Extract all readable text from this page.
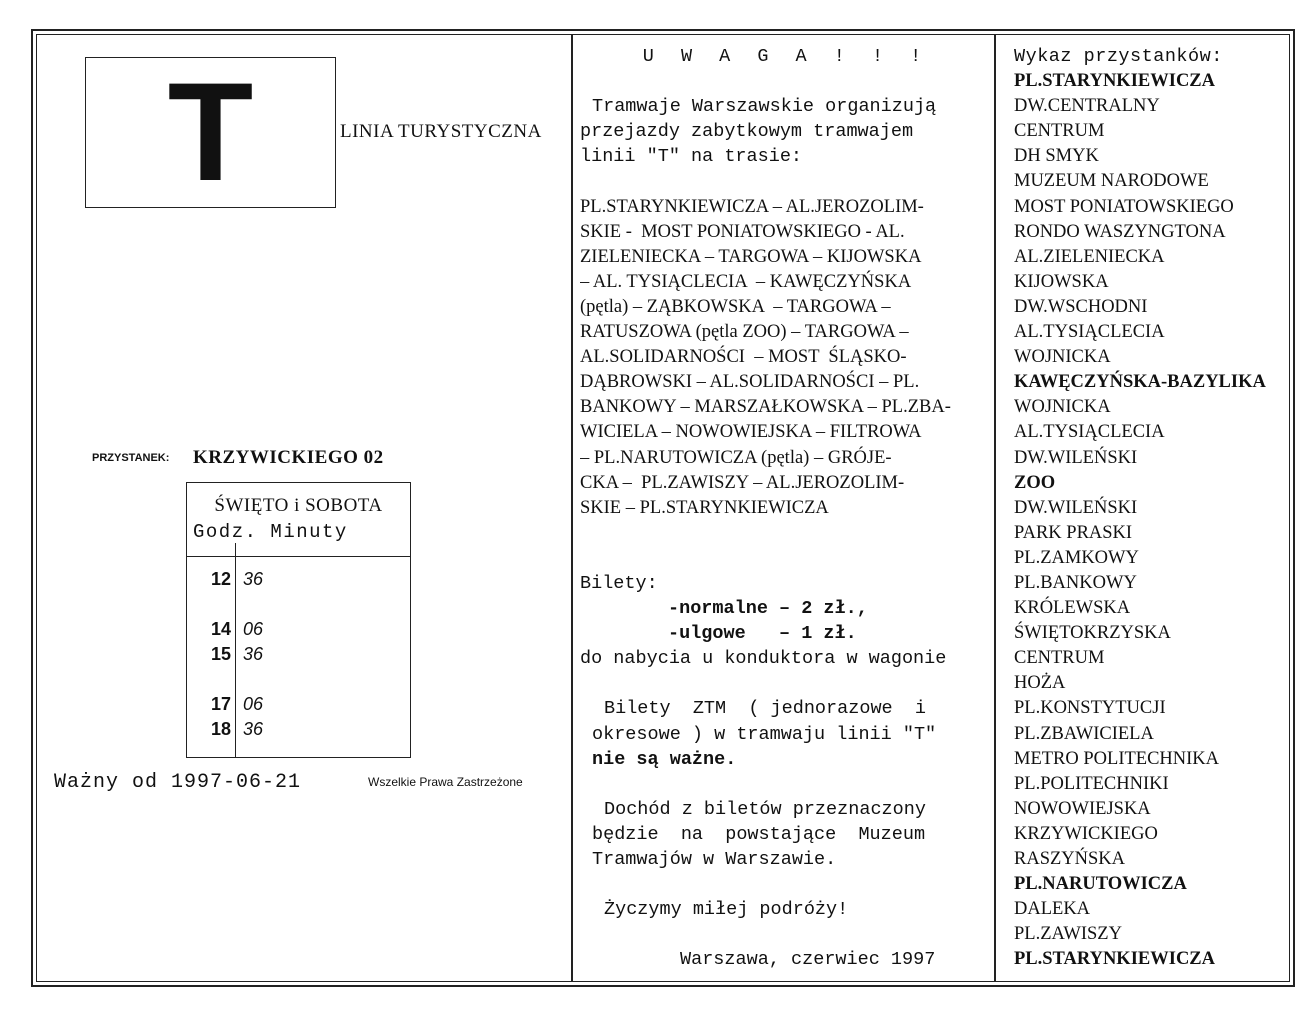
T	LINIA TURYSTYCZNA
PRZYSTANEK: KRZYWICKIEGO 02
ŚWIĘTO i SOBOTA
Godz. Minuty
12 36
14 06
15 36
17 06
18 36
Ważny od 1997-06-21	Wszelkie Prawa Zastrzeżone
U W A G A ! ! !
Tramwaje Warszawskie organizują
przejazdy zabytkowym tramwajem
linii "T" na trasie:
PL.STARYNKIEWICZA – AL.JEROZOLIM-
SKIE -  MOST PONIATOWSKIEGO - AL.
ZIELENIECKA – TARGOWA – KIJOWSKA
– AL. TYSIĄCLECIA  – KAWĘCZYŃSKA
(pętla) – ZĄBKOWSKA  – TARGOWA –
RATUSZOWA (pętla ZOO) – TARGOWA –
AL.SOLIDARNOŚCI  – MOST  ŚLĄSKO-
DĄBROWSKI – AL.SOLIDARNOŚCI – PL.
BANKOWY – MARSZAŁKOWSKA – PL.ZBA-
WICIELA – NOWOWIEJSKA – FILTROWA
– PL.NARUTOWICZA (pętla) – GRÓJE-
CKA –  PL.ZAWISZY – AL.JEROZOLIM-
SKIE – PL.STARYNKIEWICZA
Bilety:
-normalne – 2 zł.,
-ulgowe   – 1 zł.
do nabycia u konduktora w wagonie
Bilety  ZTM  ( jednorazowe  i
okresowe ) w tramwaju linii "T"
nie są ważne.
Dochód z biletów przeznaczony
będzie  na  powstające  Muzeum
Tramwajów w Warszawie.
Życzymy miłej podróży!
Warszawa, czerwiec 1997
Wykaz przystanków:
PL.STARYNKIEWICZA
DW.CENTRALNY
CENTRUM
DH SMYK
MUZEUM NARODOWE
MOST PONIATOWSKIEGO
RONDO WASZYNGTONA
AL.ZIELENIECKA
KIJOWSKA
DW.WSCHODNI
AL.TYSIĄCLECIA
WOJNICKA
KAWĘCZYŃSKA-BAZYLIKA
WOJNICKA
AL.TYSIĄCLECIA
DW.WILEŃSKI
ZOO
DW.WILEŃSKI
PARK PRASKI
PL.ZAMKOWY
PL.BANKOWY
KRÓLEWSKA
ŚWIĘTOKRZYSKA
CENTRUM
HOŻA
PL.KONSTYTUCJI
PL.ZBAWICIELA
METRO POLITECHNIKA
PL.POLITECHNIKI
NOWOWIEJSKA
KRZYWICKIEGO
RASZYŃSKA
PL.NARUTOWICZA
DALEKA
PL.ZAWISZY
PL.STARYNKIEWICZA
